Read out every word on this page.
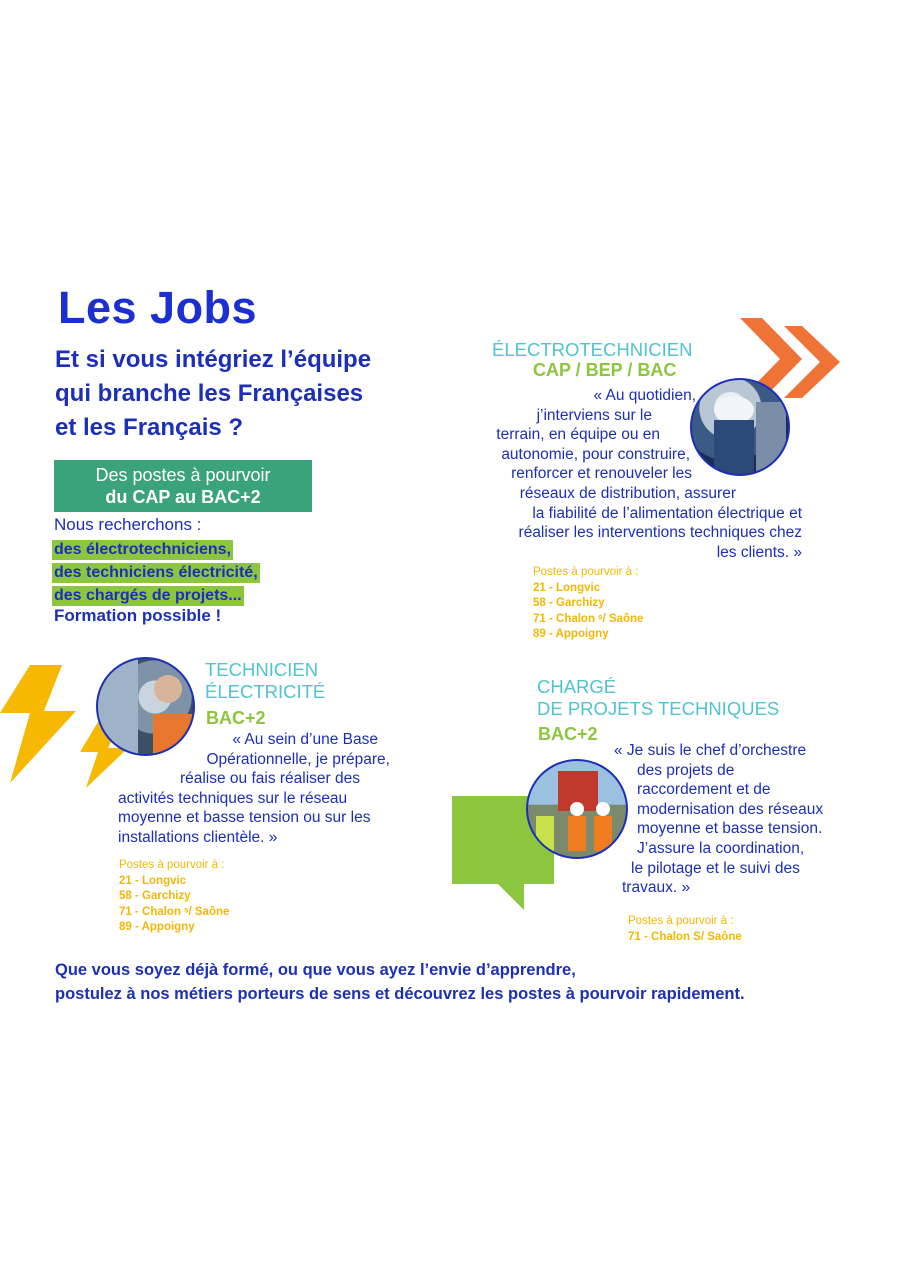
Les Jobs
Et si vous intégriez l’équipe
qui branche les Françaises
et les Français ?
Des postes à pourvoir
du CAP au BAC+2
Nous recherchons :
des électrotechniciens,
des techniciens électricité,
des chargés de projets...
Formation possible !
ÉLECTROTECHNICIEN
CAP / BEP / BAC
« Au quotidien,
j’interviens sur le
terrain, en équipe ou en
autonomie, pour construire,
renforcer et renouveler les
réseaux de distribution, assurer
la fiabilité de l’alimentation électrique et
réaliser les interventions techniques chez
les clients. »
Postes à pourvoir à :
21 - Longvic
58 - Garchizy
71 - Chalon ˢ/ Saône
89 - Appoigny
TECHNICIEN
ÉLECTRICITÉ
BAC+2
« Au sein d’une Base
Opérationnelle, je prépare,
réalise ou fais réaliser des
activités techniques sur le réseau
moyenne et basse tension ou sur les
installations clientèle. »
Postes à pourvoir à :
21 - Longvic
58 - Garchizy
71 - Chalon ˢ/ Saône
89 - Appoigny
CHARGÉ
DE PROJETS TECHNIQUES
BAC+2
« Je suis le chef d’orchestre
des projets de
raccordement et de
modernisation des réseaux
moyenne et basse tension.
J’assure la coordination,
le pilotage et le suivi des
travaux. »
Postes à pourvoir à :
71 - Chalon S/ Saône
Que vous soyez déjà formé, ou que vous ayez l’envie d’apprendre,
postulez à nos métiers porteurs de sens et découvrez les postes à pourvoir rapidement.
